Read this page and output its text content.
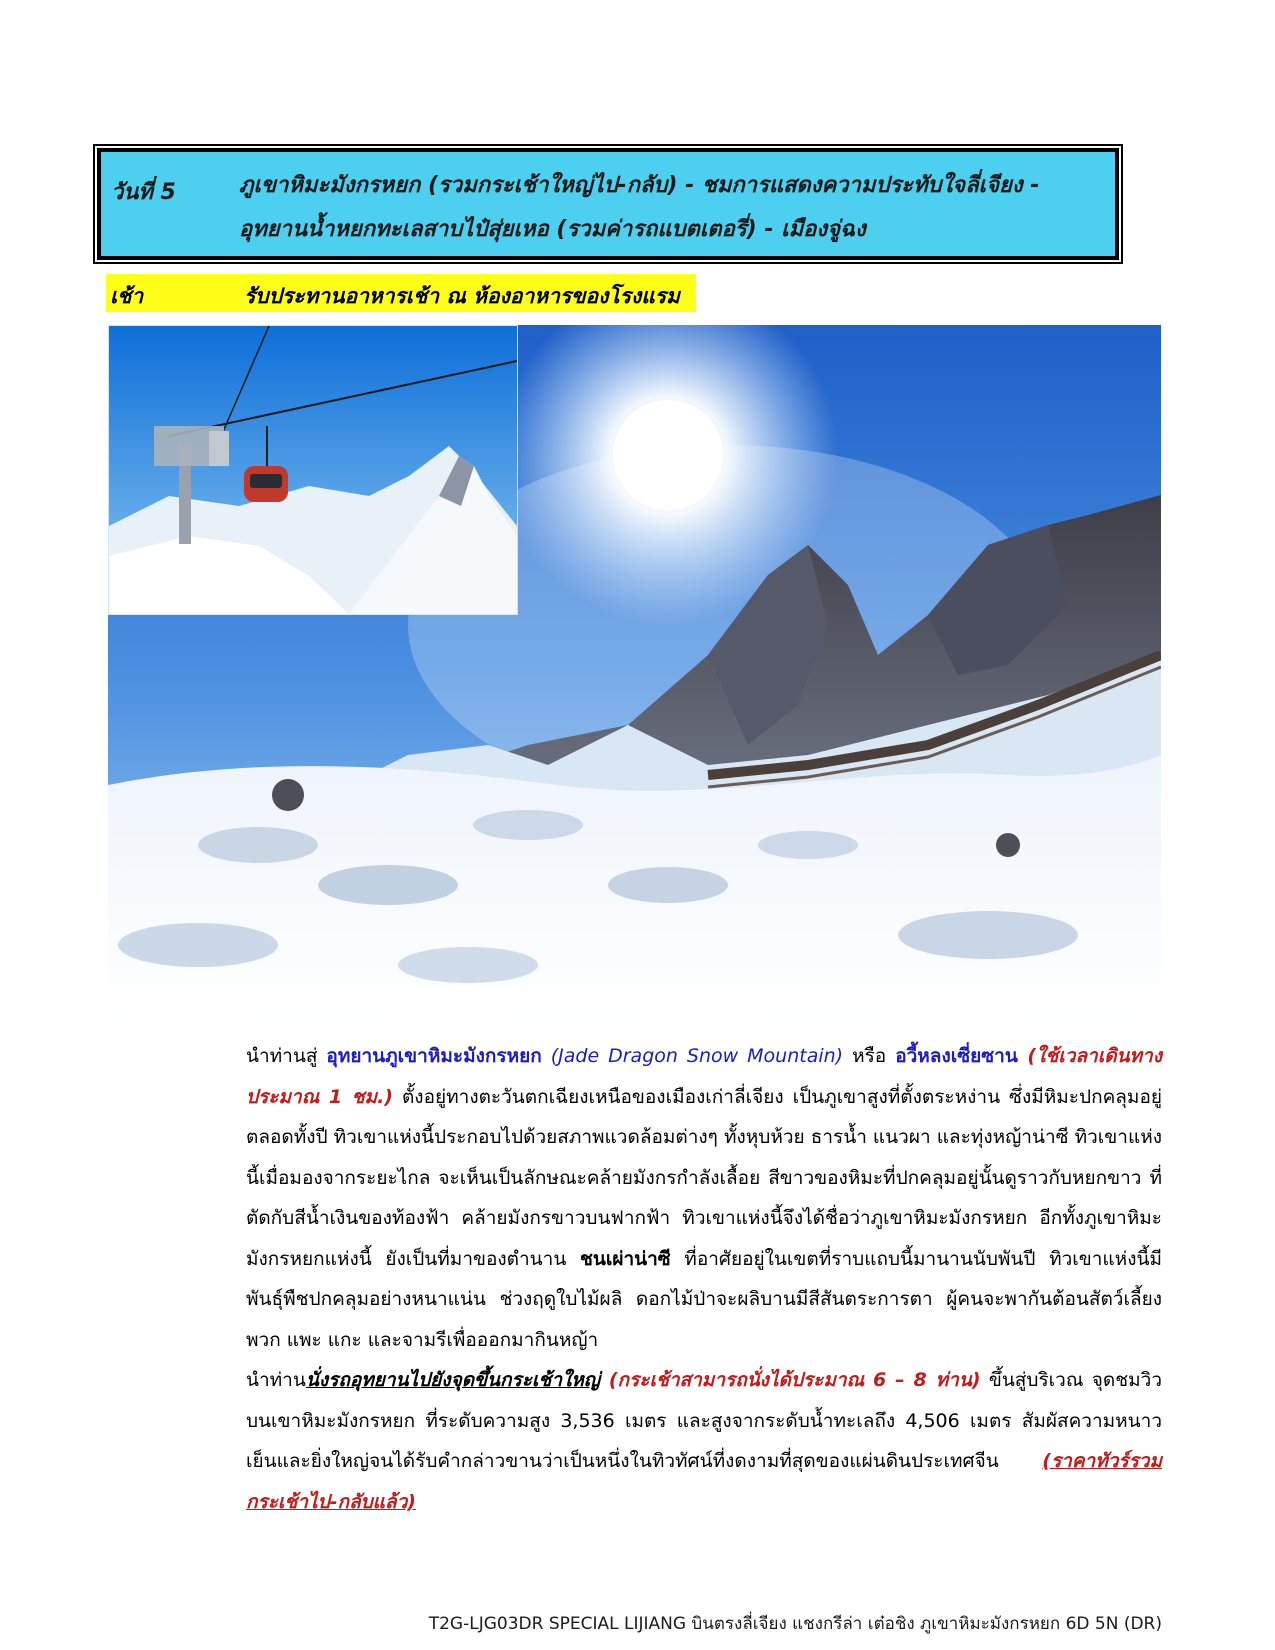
วันที่ 5	ภูเขาหิมะมังกรหยก (รวมกระเช้าใหญ่ไป-กลับ) - ชมการแสดงความประทับใจลี่เจียง -
อุทยานน้ำหยกทะเลสาบไป๋สุ่ยเหอ (รวมค่ารถแบตเตอรี่) - เมืองจู่ฉง
เช้า	รับประทานอาหารเช้า ณ ห้องอาหารของโรงแรม
นำท่านสู่ อุทยานภูเขาหิมะมังกรหยก (Jade Dragon Snow Mountain) หรือ อวี้หลงเซี่ยซาน (ใช้เวลาเดินทางประมาณ 1 ชม.) ตั้งอยู่ทางตะวันตกเฉียงเหนือของเมืองเก่าลี่เจียง เป็นภูเขาสูงที่ตั้งตระหง่าน ซึ่งมีหิมะปกคลุมอยู่ตลอดทั้งปี ทิวเขาแห่งนี้ประกอบไปด้วยสภาพแวดล้อมต่างๆ ทั้งหุบห้วย ธารน้ำ แนวผา และทุ่งหญ้าน่าซี ทิวเขาแห่งนี้เมื่อมองจากระยะไกล จะเห็นเป็นลักษณะคล้ายมังกรกำลังเลื้อย สีขาวของหิมะที่ปกคลุมอยู่นั้นดูราวกับหยกขาว ที่ตัดกับสีน้ำเงินของท้องฟ้า คล้ายมังกรขาวบนฟากฟ้า ทิวเขาแห่งนี้จึงได้ชื่อว่าภูเขาหิมะมังกรหยก อีกทั้งภูเขาหิมะมังกรหยกแห่งนี้ ยังเป็นที่มาของตำนาน ชนเผ่าน่าซี ที่อาศัยอยู่ในเขตที่ราบแถบนี้มานานนับพันปี ทิวเขาแห่งนี้มีพันธุ์พืชปกคลุมอย่างหนาแน่น ช่วงฤดูใบไม้ผลิ ดอกไม้ป่าจะผลิบานมีสีสันตระการตา ผู้คนจะพากันต้อนสัตว์เลี้ยง พวก แพะ แกะ และจามรีเพื่อออกมากินหญ้า
นำท่านนั่งรถอุทยานไปยังจุดขึ้นกระเช้าใหญ่ (กระเช้าสามารถนั่งได้ประมาณ 6 – 8 ท่าน) ขึ้นสู่บริเวณ จุดชมวิวบนเขาหิมะมังกรหยก ที่ระดับความสูง 3,536 เมตร และสูงจากระดับน้ำทะเลถึง 4,506 เมตร สัมผัสความหนาวเย็นและยิ่งใหญ่จนได้รับคำกล่าวขานว่าเป็นหนึ่งในทิวทัศน์ที่งดงามที่สุดของแผ่นดินประเทศจีน (ราคาทัวร์รวมกระเช้าไป-กลับแล้ว)
T2G-LJG03DR SPECIAL LIJIANG บินตรงลี่เจียง แชงกรีล่า เต๋อชิง ภูเขาหิมะมังกรหยก 6D 5N (DR)
